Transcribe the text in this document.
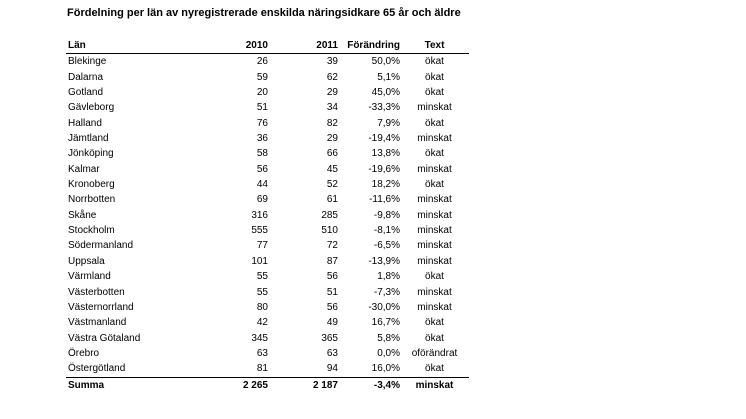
Fördelning per län av nyregistrerade enskilda näringsidkare 65 år och äldre
Län	2010	2011	Förändring	Text
Blekinge	26	39	50,0%	ökat
Dalarna	59	62	5,1%	ökat
Gotland	20	29	45,0%	ökat
Gävleborg	51	34	-33,3%	minskat
Halland	76	82	7,9%	ökat
Jämtland	36	29	-19,4%	minskat
Jönköping	58	66	13,8%	ökat
Kalmar	56	45	-19,6%	minskat
Kronoberg	44	52	18,2%	ökat
Norrbotten	69	61	-11,6%	minskat
Skåne	316	285	-9,8%	minskat
Stockholm	555	510	-8,1%	minskat
Södermanland	77	72	-6,5%	minskat
Uppsala	101	87	-13,9%	minskat
Värmland	55	56	1,8%	ökat
Västerbotten	55	51	-7,3%	minskat
Västernorrland	80	56	-30,0%	minskat
Västmanland	42	49	16,7%	ökat
Västra Götaland	345	365	5,8%	ökat
Örebro	63	63	0,0%	oförändrat
Östergötland	81	94	16,0%	ökat
Summa	2 265	2 187	-3,4%	minskat
